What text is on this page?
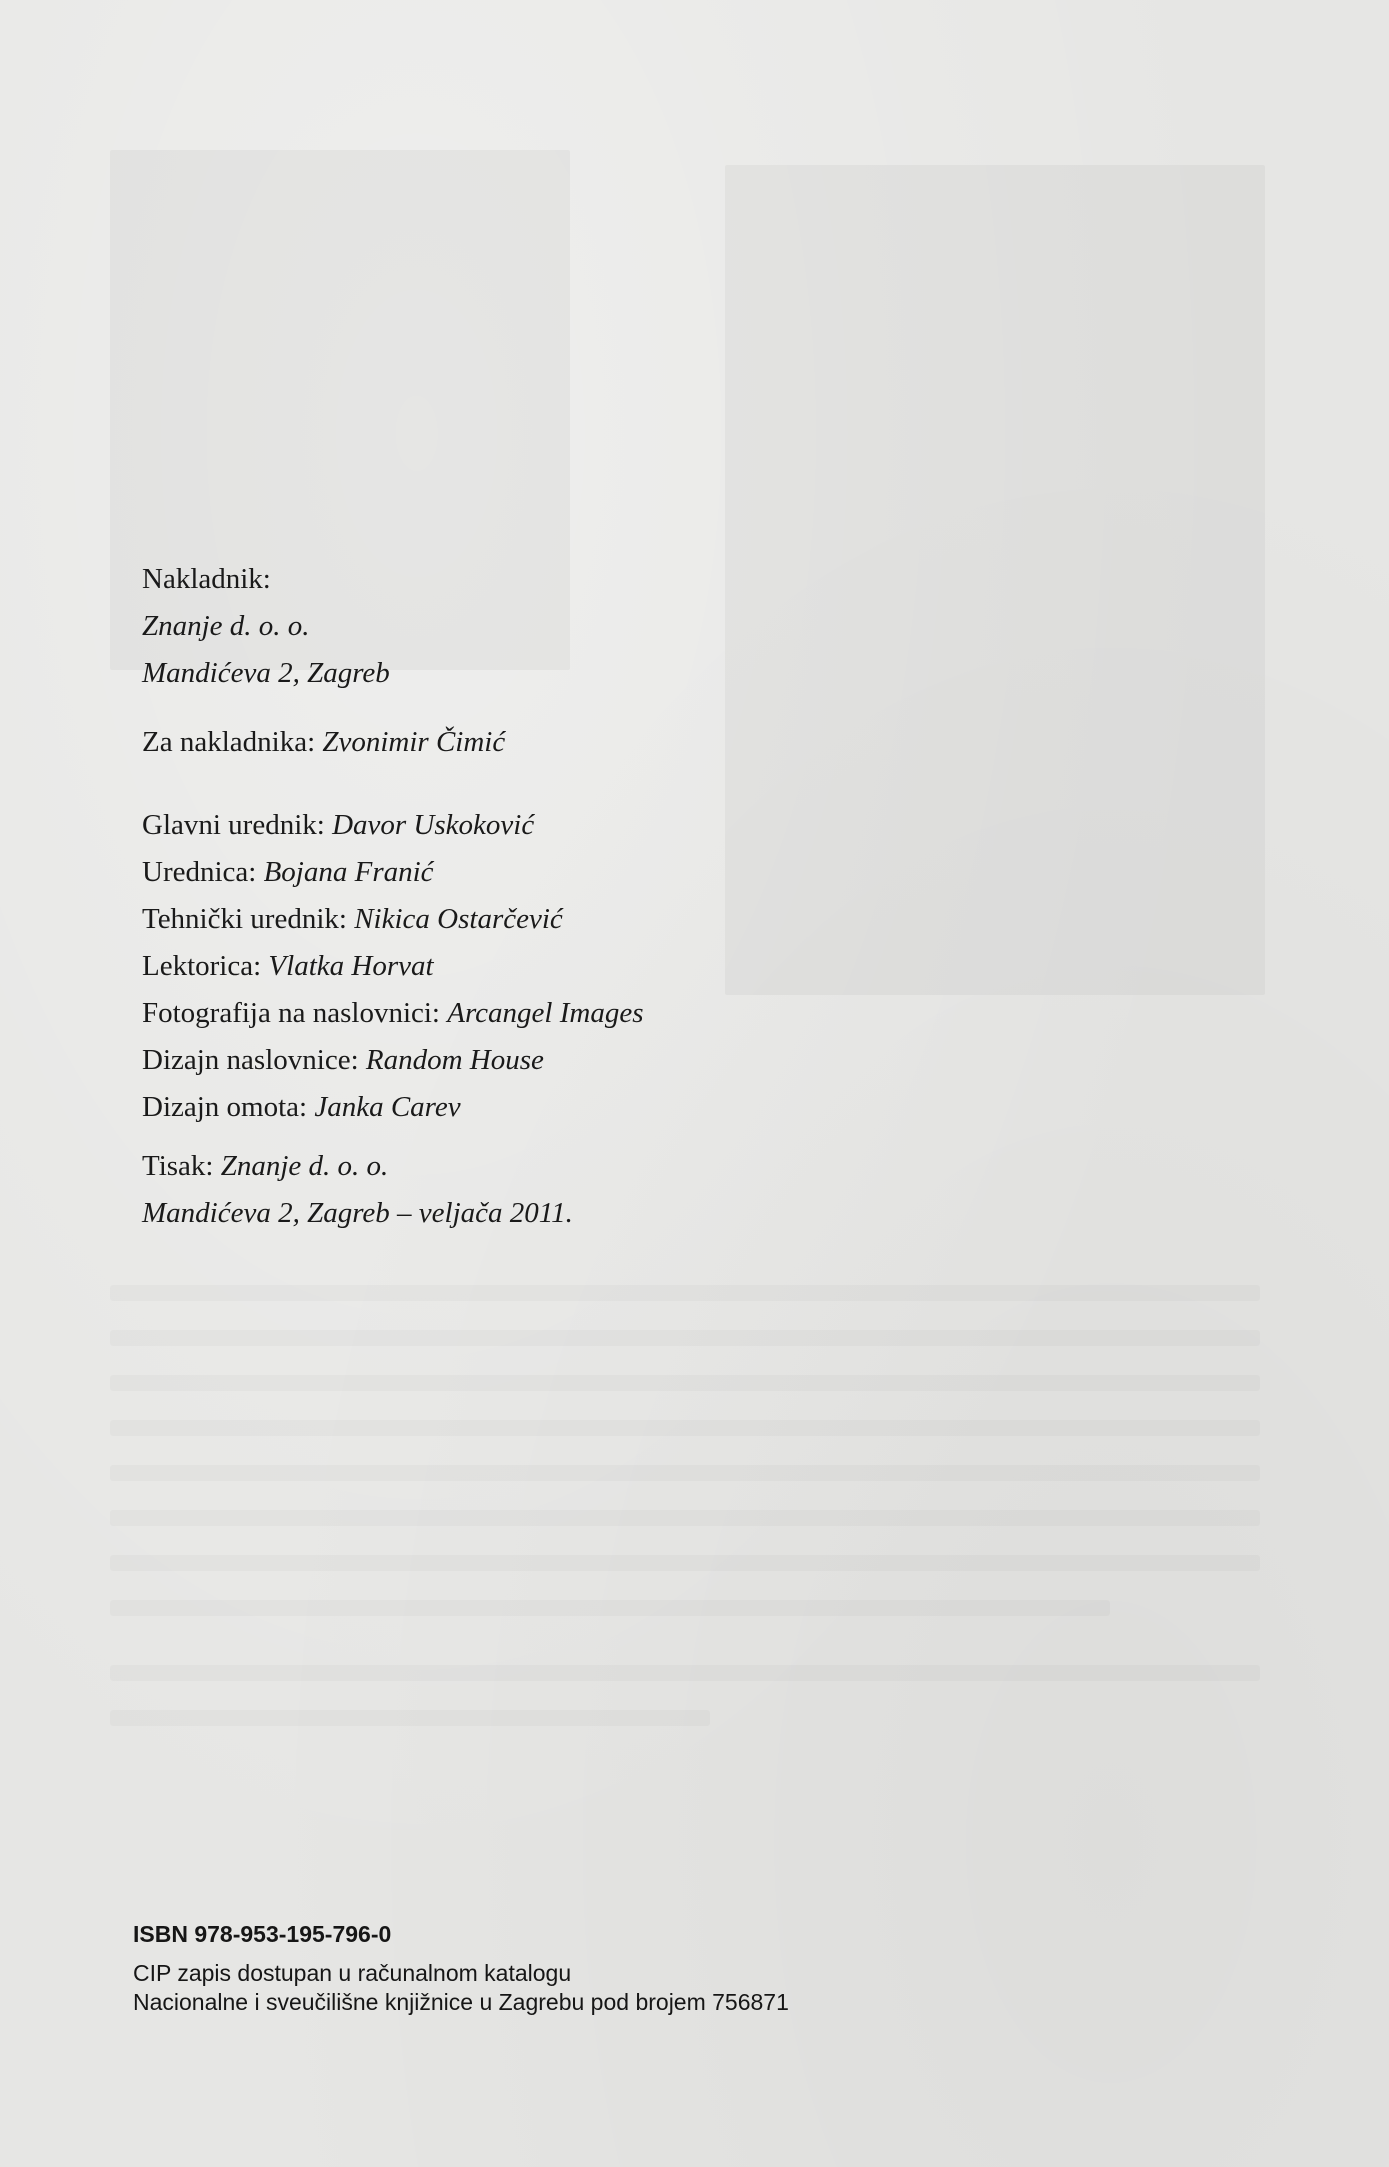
Nakladnik:
Znanje d. o. o.
Mandićeva 2, Zagreb
Za nakladnika: Zvonimir Čimić
Glavni urednik: Davor Uskoković
Urednica: Bojana Franić
Tehnički urednik: Nikica Ostarčević
Lektorica: Vlatka Horvat
Fotografija na naslovnici: Arcangel Images
Dizajn naslovnice: Random House
Dizajn omota: Janka Carev
Tisak: Znanje d. o. o.
Mandićeva 2, Zagreb – veljača 2011.
ISBN 978-953-195-796-0
CIP zapis dostupan u računalnom katalogu
Nacionalne i sveučilišne knjižnice u Zagrebu pod brojem 756871
